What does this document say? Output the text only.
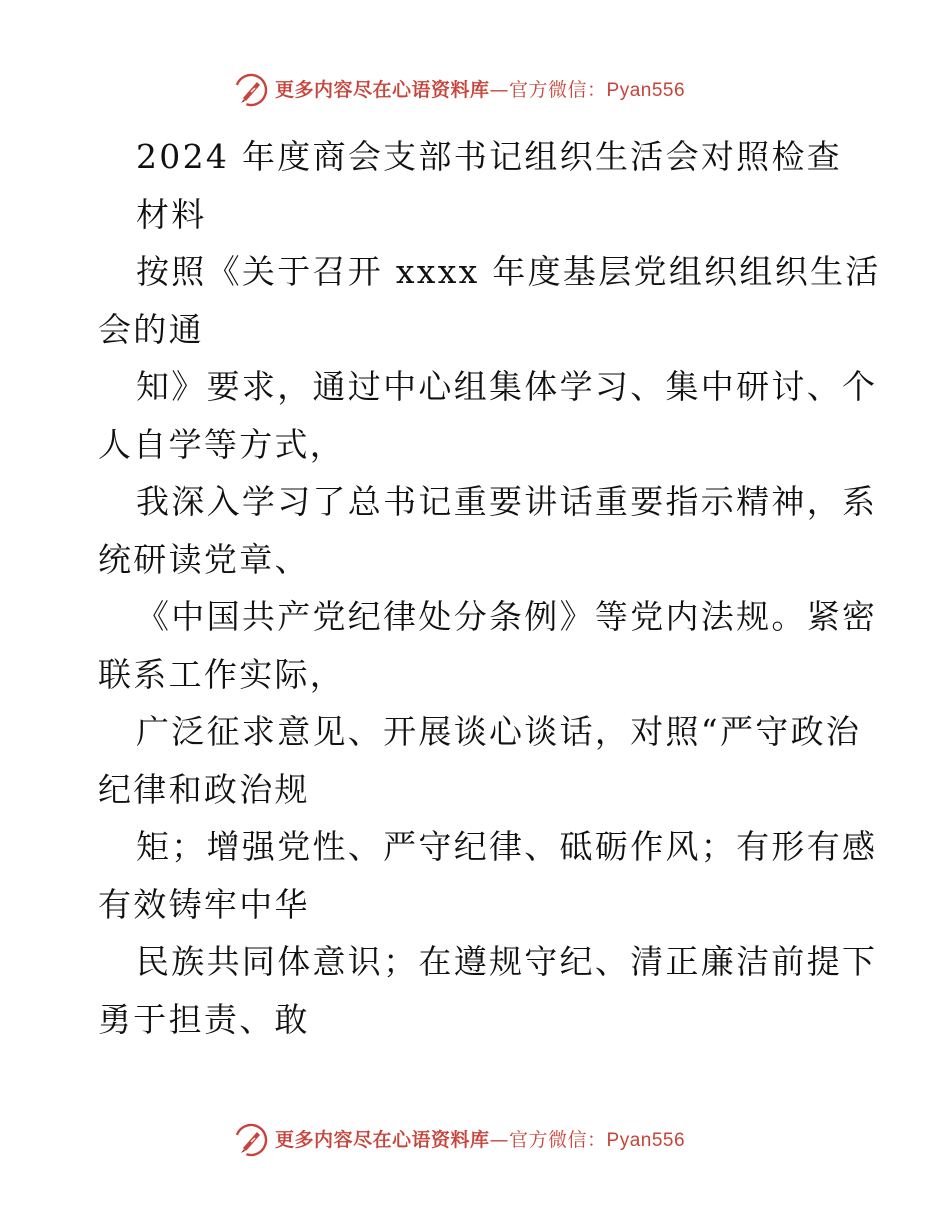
更多内容尽在心语资料库—官方微信：Pyan556
2024 年度商会支部书记组织生活会对照检查
材料
按照《关于召开 xxxx 年度基层党组织组织生活
会的通
知》要求，通过中心组集体学习、集中研讨、个
人自学等方式，
我深入学习了总书记重要讲话重要指示精神，系
统研读党章、
《中国共产党纪律处分条例》等党内法规。紧密
联系工作实际，
广泛征求意见、开展谈心谈话，对照“严守政治
纪律和政治规
矩；增强党性、严守纪律、砥砺作风；有形有感
有效铸牢中华
民族共同体意识；在遵规守纪、清正廉洁前提下
勇于担责、敢
更多内容尽在心语资料库—官方微信：Pyan556
